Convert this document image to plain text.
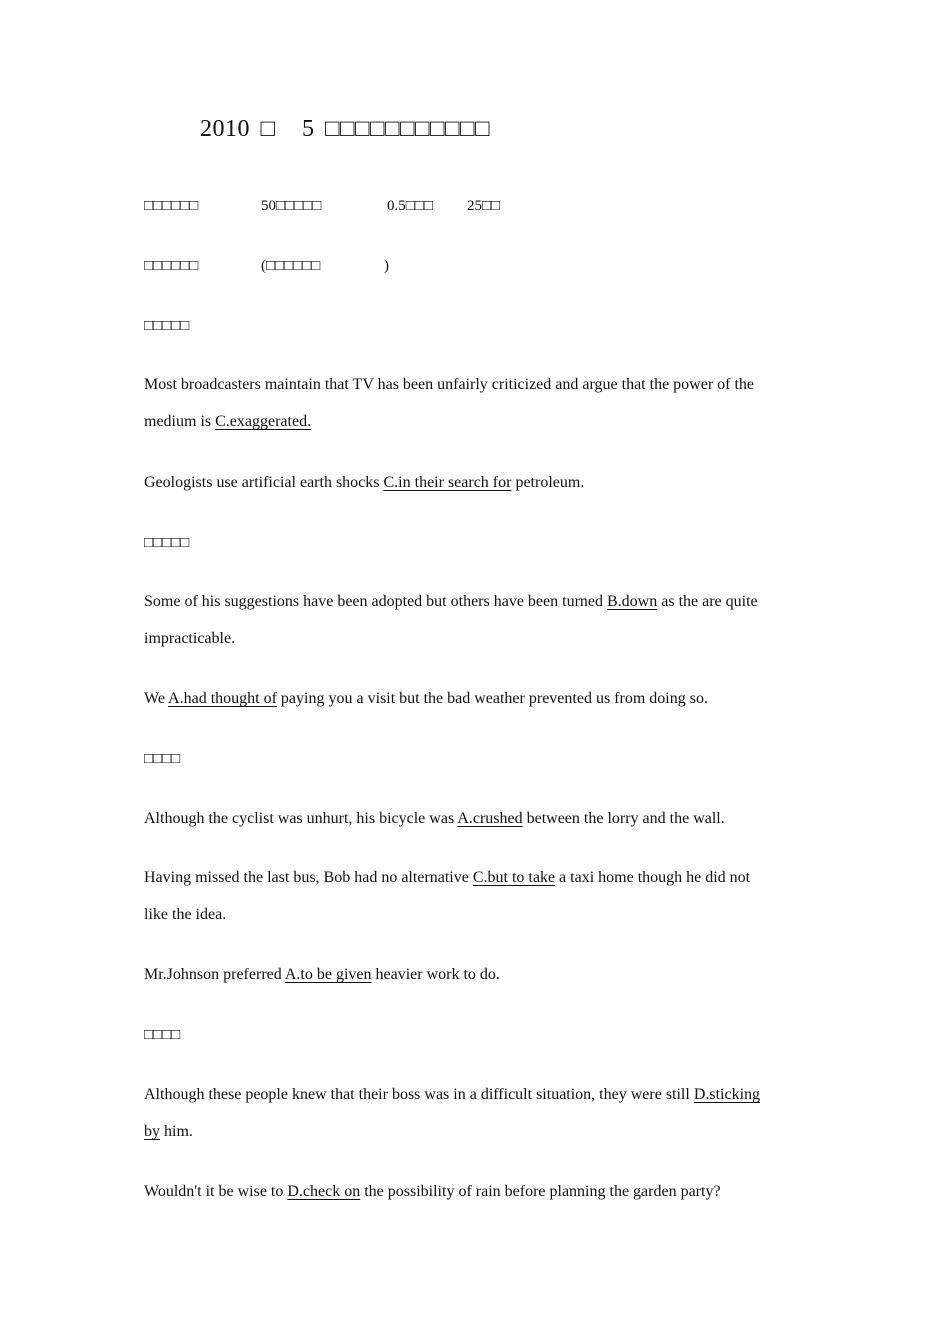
2010 □ 5 □□□□□□□□□□□
□□□□□□	50□□□□□	0.5□□□ 25□□
□□□□□□	(□□□□□□	)
□□□□□
Most broadcasters maintain that TV has been unfairly criticized and argue that the power of the
medium is C.exaggerated.
Geologists use artificial earth shocks C.in their search for petroleum.
□□□□□
Some of his suggestions have been adopted but others have been turned B.down as the are quite
impracticable.
We A.had thought of paying you a visit but the bad weather prevented us from doing so.
□□□□
Although the cyclist was unhurt, his bicycle was A.crushed between the lorry and the wall.
Having missed the last bus, Bob had no alternative C.but to take a taxi home though he did not
like the idea.
Mr.Johnson preferred A.to be given heavier work to do.
□□□□
Although these people knew that their boss was in a difficult situation, they were still D.sticking
by him.
Wouldn't it be wise to D.check on the possibility of rain before planning the garden party?
